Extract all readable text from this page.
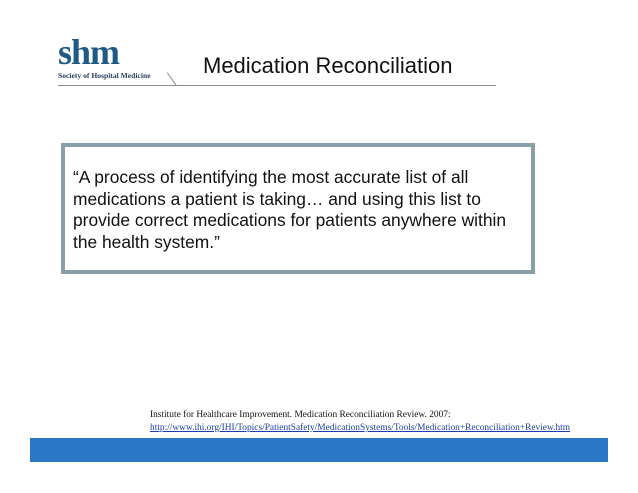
shm
Society of Hospital Medicine Medication Reconciliation
“A process of identifying the most accurate list of all medications a patient is taking… and using this list to provide correct medications for patients anywhere within the health system.”
Institute for Healthcare Improvement. Medication Reconciliation Review. 2007:
http://www.ihi.org/IHI/Topics/PatientSafety/MedicationSystems/Tools/Medication+Reconciliation+Review.htm
